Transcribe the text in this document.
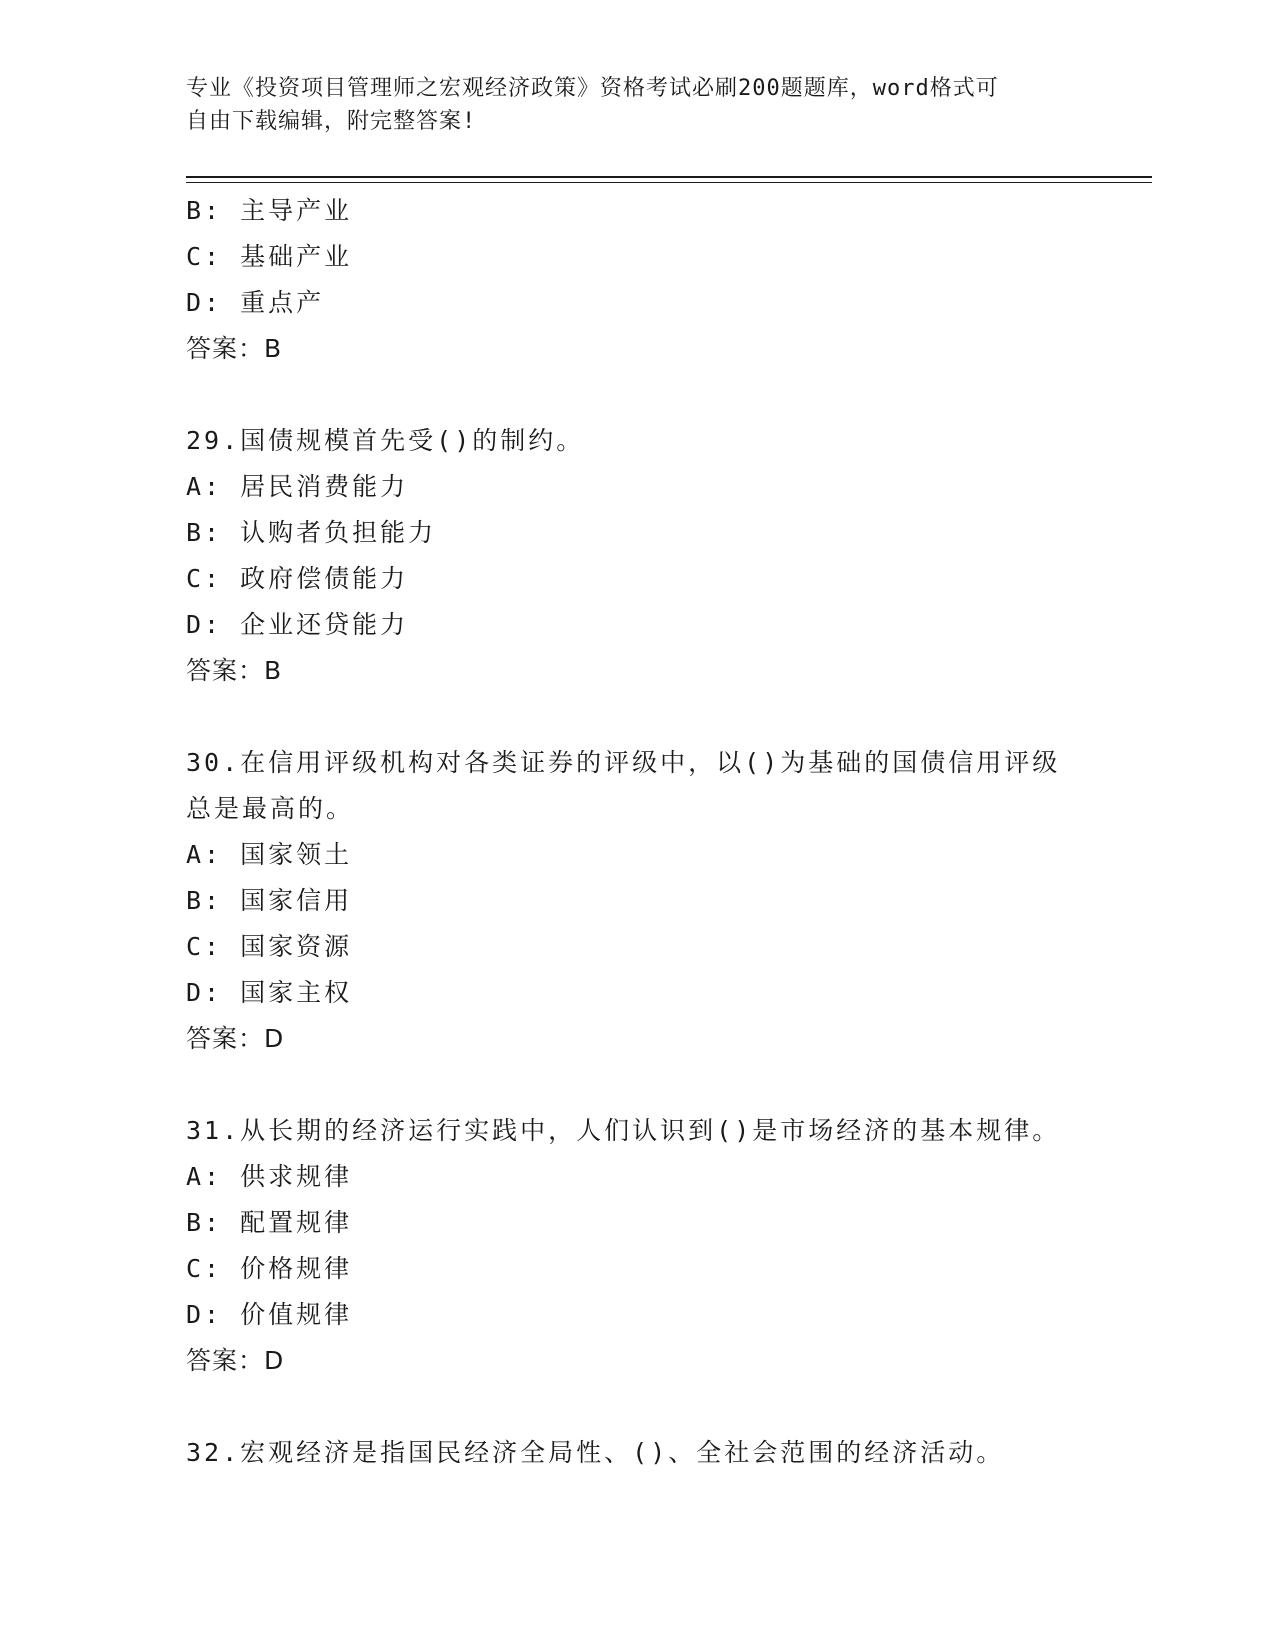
专业《投资项目管理师之宏观经济政策》资格考试必刷200题题库，word格式可
自由下载编辑，附完整答案!
B: 主导产业
C: 基础产业
D: 重点产
答案：B
29.国债规模首先受()的制约。
A: 居民消费能力
B: 认购者负担能力
C: 政府偿债能力
D: 企业还贷能力
答案：B
30.在信用评级机构对各类证券的评级中，以()为基础的国债信用评级
总是最高的。
A: 国家领土
B: 国家信用
C: 国家资源
D: 国家主权
答案：D
31.从长期的经济运行实践中，人们认识到()是市场经济的基本规律。
A: 供求规律
B: 配置规律
C: 价格规律
D: 价值规律
答案：D
32.宏观经济是指国民经济全局性、()、全社会范围的经济活动。
